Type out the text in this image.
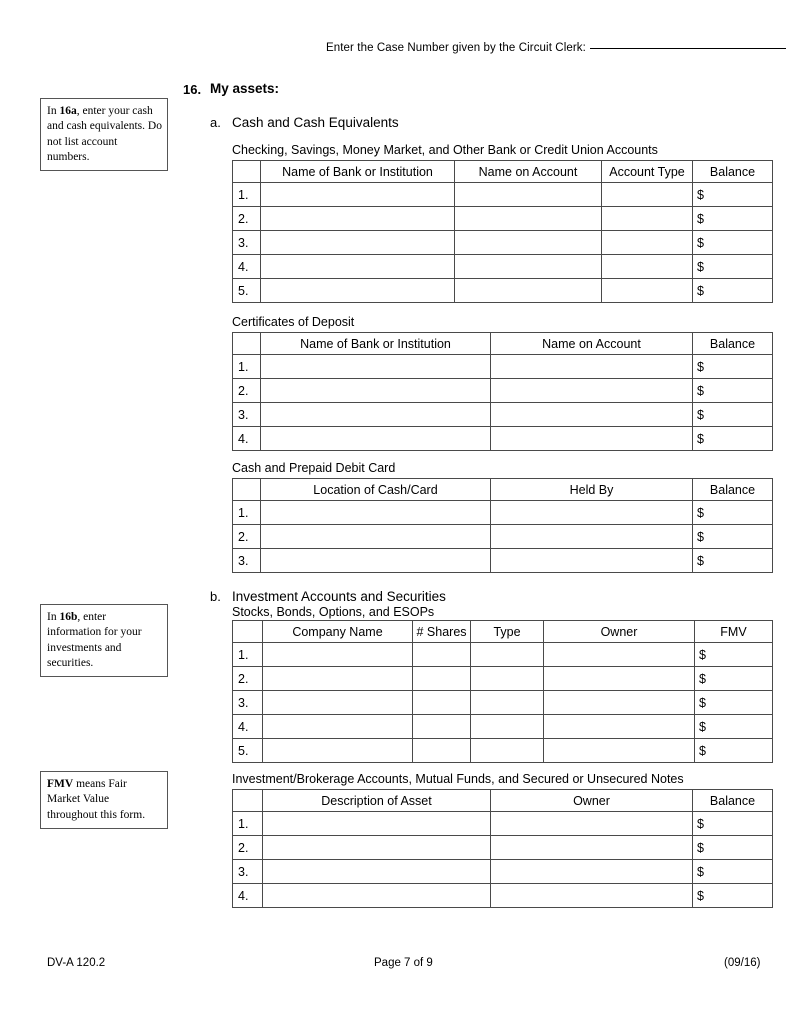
Enter the Case Number given by the Circuit Clerk:
16. My assets:
In 16a, enter your cash and cash equivalents. Do not list account numbers.
In 16b, enter information for your investments and securities.
FMV means Fair Market Value throughout this form.
a. Cash and Cash Equivalents
Checking, Savings, Money Market, and Other Bank or Credit Union Accounts
	Name of Bank or Institution	Name on Account	Account Type	Balance
1.				$
2.				$
3.				$
4.				$
5.				$
Certificates of Deposit
	Name of Bank or Institution	Name on Account	Balance
1.			$
2.			$
3.			$
4.			$
Cash and Prepaid Debit Card
	Location of Cash/Card	Held By	Balance
1.			$
2.			$
3.			$
b. Investment Accounts and Securities
Stocks, Bonds, Options, and ESOPs
	Company Name	# Shares	Type	Owner	FMV
1.					$
2.					$
3.					$
4.					$
5.					$
Investment/Brokerage Accounts, Mutual Funds, and Secured or Unsecured Notes
	Description of Asset	Owner	Balance
1.			$
2.			$
3.			$
4.			$
DV-A 120.2	Page 7 of 9	(09/16)
